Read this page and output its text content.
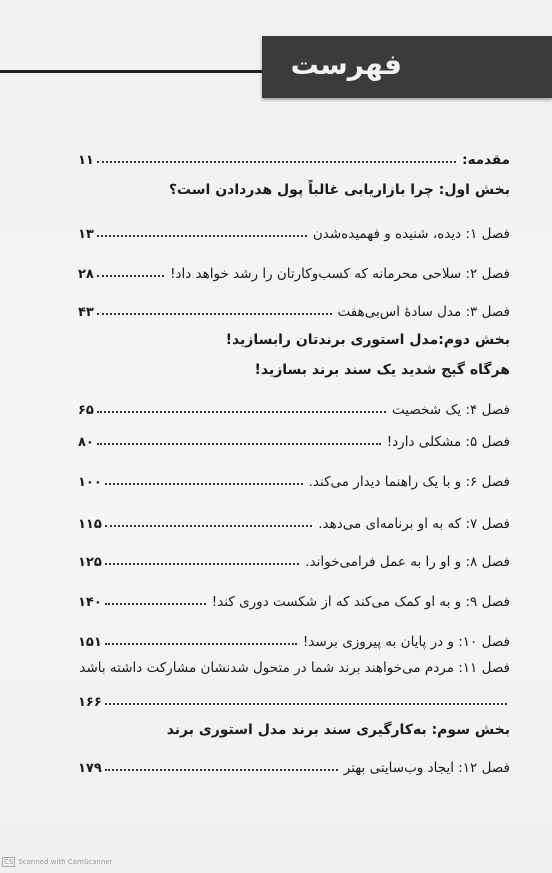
فهرست
مقدمه:
۱۱
بخش اول: چرا بازاریابی غالباً پول هدردادن است؟
فصل ۱: دیده، شنیده و فهمیده‌شدن
۱۳
فصل ۲: سلاحی محرمانه که کسب‌وکارتان را رشد خواهد داد!
۲۸
فصل ۳: مدل سادهٔ اس‌بی‌هفت
۴۳
بخش دوم:مدل استوری برندتان رابسازید!
هرگاه گیج شدید یک سند برند بسازید!
فصل ۴: یک شخصیت
۶۵
فصل ۵: مشکلی دارد!
۸۰
فصل ۶: و با یک راهنما دیدار می‌کند.
۱۰۰
فصل ۷: که به او برنامه‌ای می‌دهد.
۱۱۵
فصل ۸: و او را به عمل فرامی‌خواند.
۱۲۵
فصل ۹: و به او کمک می‌کند که از شکست دوری کند!
۱۴۰
فصل ۱۰: و در پایان به پیروزی برسد!
۱۵۱
فصل ۱۱: مردم می‌خواهند برند شما در متحول شدنشان مشارکت داشته باشد
۱۶۶
بخش سوم: به‌کارگیری سند برند مدل استوری برند
فصل ۱۲: ایجاد وب‌سایتی بهتر
۱۷۹
CS Scanned with CamScanner
